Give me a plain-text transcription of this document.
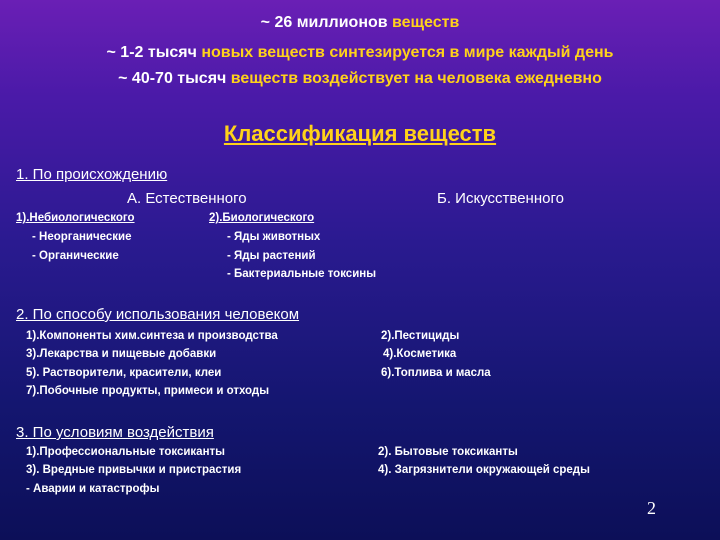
~ 26 миллионов веществ
~ 1-2 тысяч новых веществ синтезируется в мире каждый день
~ 40-70 тысяч веществ воздействует на человека ежедневно
Классификация веществ
1. По происхождению
А. Естественного	Б. Искусственного
1).Небиологического
- Неорганические
- Органические
2).Биологического
- Яды животных
- Яды растений
- Бактериальные токсины
2. По способу использования человеком
1).Компоненты хим.синтеза и производства
3).Лекарства и пищевые добавки
5). Растворители, красители, клеи
7).Побочные продукты, примеси и отходы
2).Пестициды
4).Косметика
6).Топлива и масла
3. По условиям воздействия
1).Профессиональные токсиканты
3). Вредные привычки и пристрастия
- Аварии и катастрофы
2). Бытовые токсиканты
4). Загрязнители окружающей среды
2
